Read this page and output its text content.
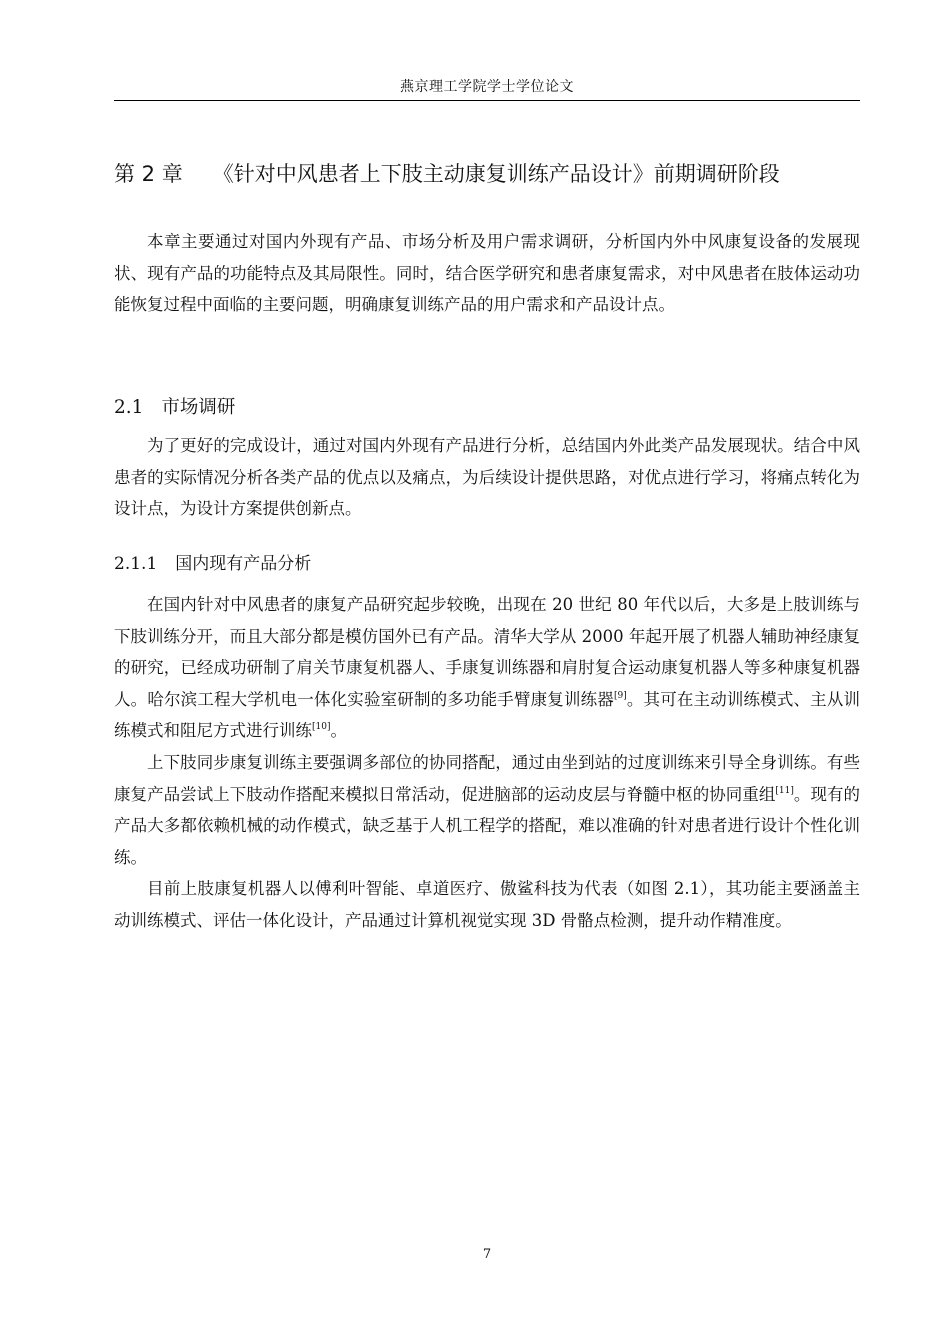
燕京理工学院学士学位论文
第 2 章 《针对中风患者上下肢主动康复训练产品设计》前期调研阶段

本章主要通过对国内外现有产品、市场分析及用户需求调研，分析国内外中风康复设备的发展现状、现有产品的功能特点及其局限性。同时，结合医学研究和患者康复需求，对中风患者在肢体运动功能恢复过程中面临的主要问题，明确康复训练产品的用户需求和产品设计点。

2.1 市场调研

为了更好的完成设计，通过对国内外现有产品进行分析，总结国内外此类产品发展现状。结合中风患者的实际情况分析各类产品的优点以及痛点，为后续设计提供思路，对优点进行学习，将痛点转化为设计点，为设计方案提供创新点。

2.1.1 国内现有产品分析

在国内针对中风患者的康复产品研究起步较晚，出现在 20 世纪 80 年代以后，大多是上肢训练与下肢训练分开，而且大部分都是模仿国外已有产品。清华大学从 2000 年起开展了机器人辅助神经康复的研究，已经成功研制了肩关节康复机器人、手康复训练器和肩肘复合运动康复机器人等多种康复机器人。哈尔滨工程大学机电一体化实验室研制的多功能手臂康复训练器[9]。其可在主动训练模式、主从训练模式和阻尼方式进行训练[10]。

上下肢同步康复训练主要强调多部位的协同搭配，通过由坐到站的过度训练来引导全身训练。有些康复产品尝试上下肢动作搭配来模拟日常活动，促进脑部的运动皮层与脊髓中枢的协同重组[11]。现有的产品大多都依赖机械的动作模式，缺乏基于人机工程学的搭配，难以准确的针对患者进行设计个性化训练。

目前上肢康复机器人以傅利叶智能、卓道医疗、傲鲨科技为代表（如图 2.1），其功能主要涵盖主动训练模式、评估一体化设计，产品通过计算机视觉实现 3D 骨骼点检测，提升动作精准度。

7
